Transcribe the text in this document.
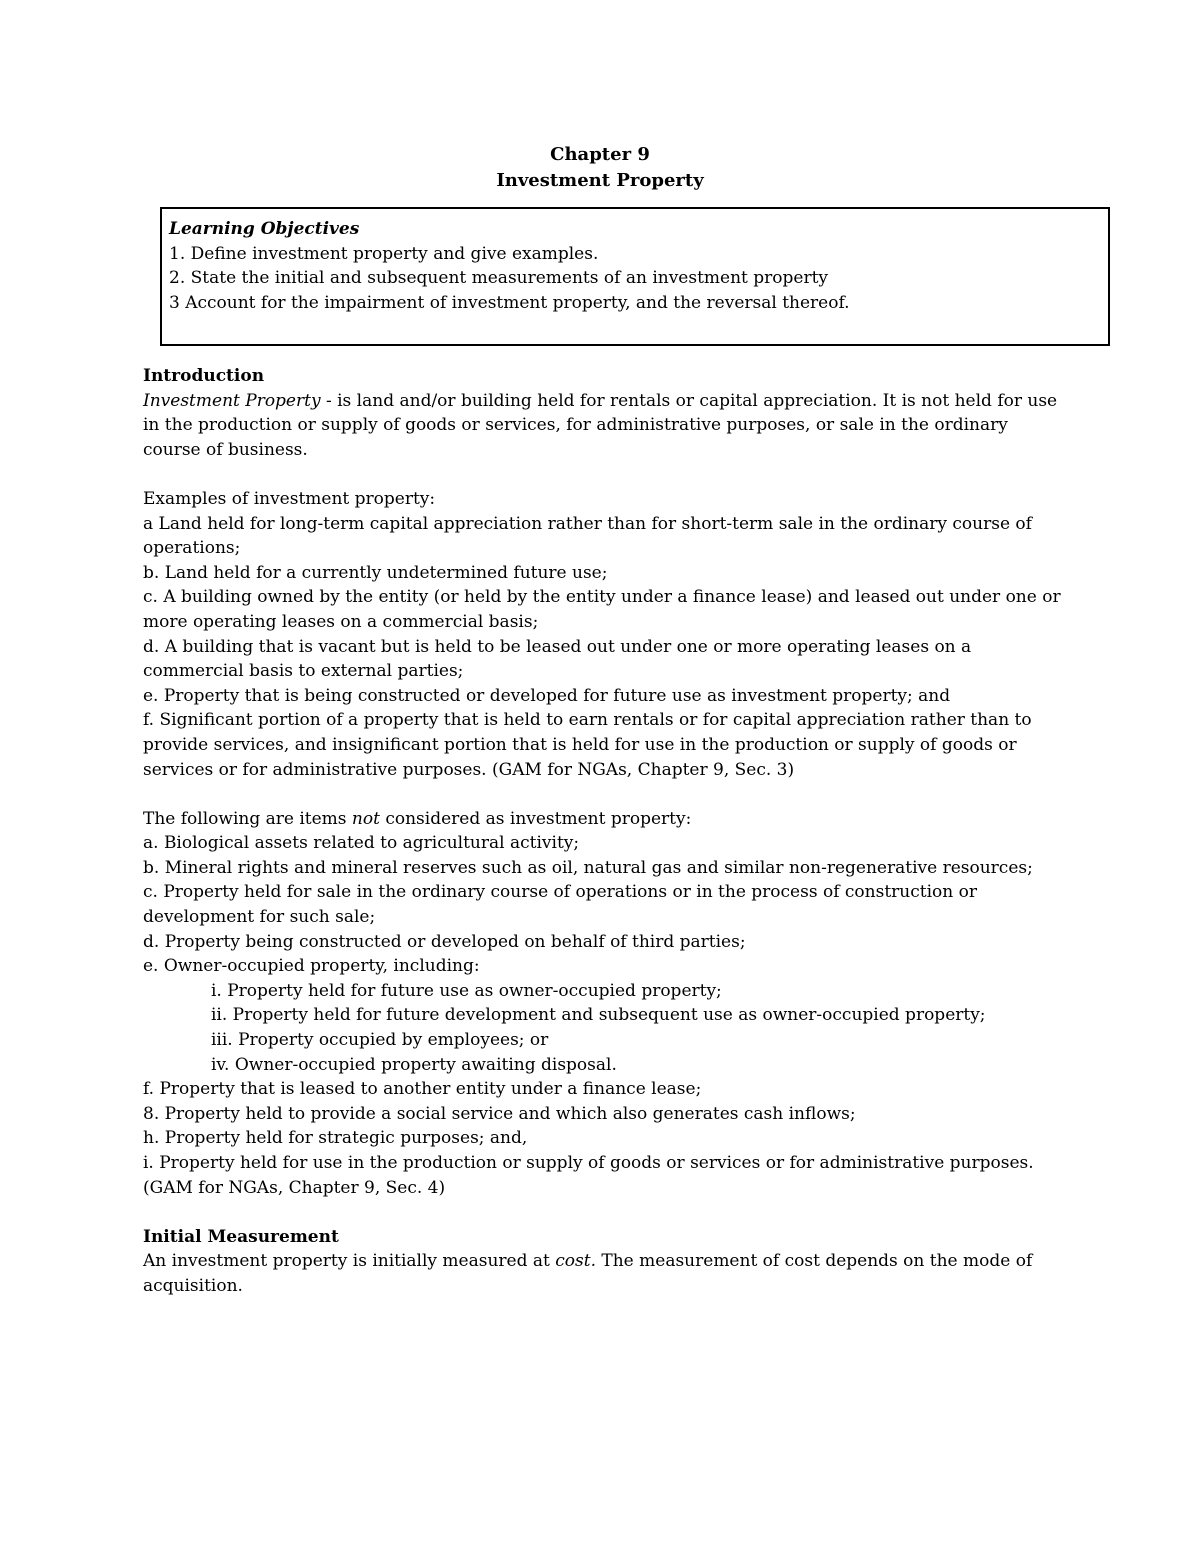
Chapter 9
Investment Property
Learning Objectives
1. Define investment property and give examples.
2. State the initial and subsequent measurements of an investment property
3 Account for the impairment of investment property, and the reversal thereof.
Introduction
Investment Property - is land and/or building held for rentals or capital appreciation. It is not held for use
in the production or supply of goods or services, for administrative purposes, or sale in the ordinary
course of business.
Examples of investment property:
a Land held for long-term capital appreciation rather than for short-term sale in the ordinary course of
operations;
b. Land held for a currently undetermined future use;
c. A building owned by the entity (or held by the entity under a finance lease) and leased out under one or
more operating leases on a commercial basis;
d. A building that is vacant but is held to be leased out under one or more operating leases on a
commercial basis to external parties;
e. Property that is being constructed or developed for future use as investment property; and
f. Significant portion of a property that is held to earn rentals or for capital appreciation rather than to
provide services, and insignificant portion that is held for use in the production or supply of goods or
services or for administrative purposes. (GAM for NGAs, Chapter 9, Sec. 3)
The following are items not considered as investment property:
a. Biological assets related to agricultural activity;
b. Mineral rights and mineral reserves such as oil, natural gas and similar non-regenerative resources;
c. Property held for sale in the ordinary course of operations or in the process of construction or
development for such sale;
d. Property being constructed or developed on behalf of third parties;
e. Owner-occupied property, including:
i. Property held for future use as owner-occupied property;
ii. Property held for future development and subsequent use as owner-occupied property;
iii. Property occupied by employees; or
iv. Owner-occupied property awaiting disposal.
f. Property that is leased to another entity under a finance lease;
8. Property held to provide a social service and which also generates cash inflows;
h. Property held for strategic purposes; and,
i. Property held for use in the production or supply of goods or services or for administrative purposes.
(GAM for NGAs, Chapter 9, Sec. 4)
Initial Measurement
An investment property is initially measured at cost. The measurement of cost depends on the mode of
acquisition.
